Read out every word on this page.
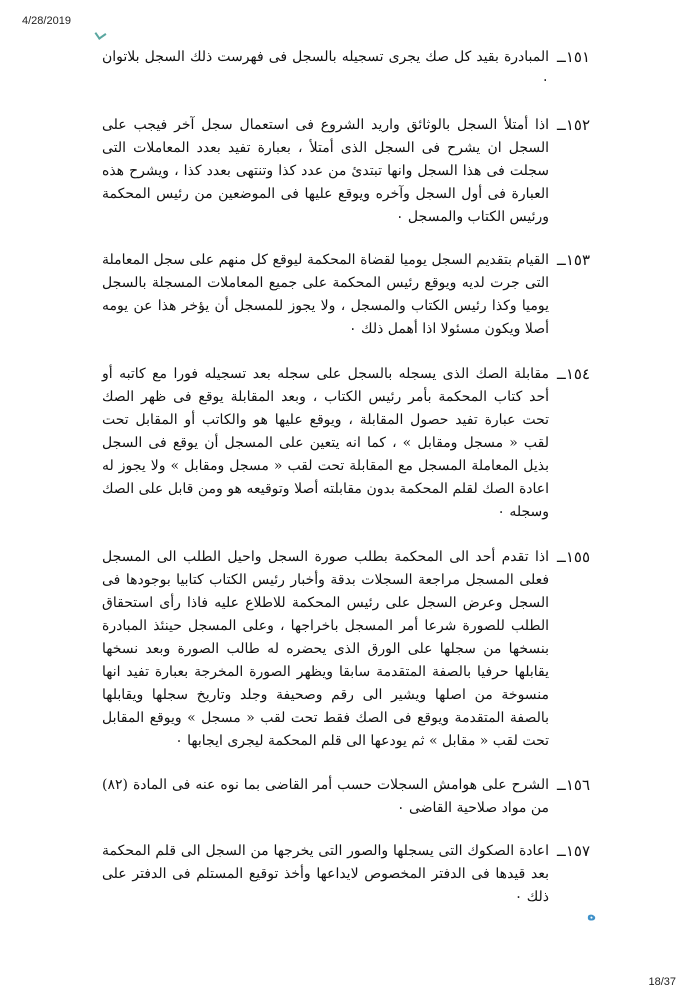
4/28/2019
١٥١ــ
المبادرة بقيد كل صك يجرى تسجيله بالسجل فى فهرست ذلك السجل بلاتوان ٠
١٥٢ــ
اذا أمتلأ السجل بالوثائق واريد الشروع فى استعمال سجل آخر فيجب على السجل ان يشرح فى السجل الذى أمتلأ ، بعبارة تفيد بعدد المعاملات التى سجلت فى هذا السجل وانها تبتدئ من عدد كذا وتنتهى بعدد كذا ، ويشرح هذه العبارة فى أول السجل وآخره ويوقع عليها فى الموضعين من رئيس المحكمة ورئيس الكتاب والمسجل ٠
١٥٣ــ
القيام بتقديم السجل يوميا لقضاة المحكمة ليوقع كل منهم على سجل المعاملة التى جرت لديه ويوقع رئيس المحكمة على جميع المعاملات المسجلة بالسجل يوميا وكذا رئيس الكتاب والمسجل ، ولا يجوز للمسجل أن يؤخر هذا عن يومه أصلا ويكون مسئولا اذا أهمل ذلك ٠
١٥٤ــ
مقابلة الصك الذى يسجله بالسجل على سجله بعد تسجيله فورا مع كاتبه أو أحد كتاب المحكمة بأمر رئيس الكتاب ، وبعد المقابلة يوقع فى ظهر الصك تحت عبارة تفيد حصول المقابلة ، ويوقع عليها هو والكاتب أو المقابل تحت لقب « مسجل ومقابل » ، كما انه يتعين على المسجل أن يوقع فى السجل بذيل المعاملة المسجل مع المقابلة تحت لقب « مسجل ومقابل » ولا يجوز له اعادة الصك لقلم المحكمة بدون مقابلته أصلا وتوقيعه هو ومن قابل على الصك وسجله ٠
١٥٥ــ
اذا تقدم أحد الى المحكمة بطلب صورة السجل واحيل الطلب الى المسجل فعلى المسجل مراجعة السجلات بدقة وأخبار رئيس الكتاب كتابيا بوجودها فى السجل وعرض السجل على رئيس المحكمة للاطلاع عليه فاذا رأى استحقاق الطلب للصورة شرعا أمر المسجل باخراجها ، وعلى المسجل حينئذ المبادرة بنسخها من سجلها على الورق الذى يحضره له طالب الصورة وبعد نسخها يقابلها حرفيا بالصفة المتقدمة سابقا ويظهر الصورة المخرجة بعبارة تفيد انها منسوخة من اصلها ويشير الى رقم وصحيفة وجلد وتاريخ سجلها ويقابلها بالصفة المتقدمة ويوقع فى الصك فقط تحت لقب « مسجل » ويوقع المقابل تحت لقب « مقابل » ثم يودعها الى قلم المحكمة ليجرى ايجابها ٠
١٥٦ــ
الشرح على هوامش السجلات حسب أمر القاضى بما نوه عنه فى المادة (٨٢) من مواد صلاحية القاضى ٠
١٥٧ــ
اعادة الصكوك التى يسجلها والصور التى يخرجها من السجل الى قلم المحكمة بعد قيدها فى الدفتر المخصوص لايداعها وأخذ توقيع المستلم فى الدفتر على ذلك ٠
ه
18/37
